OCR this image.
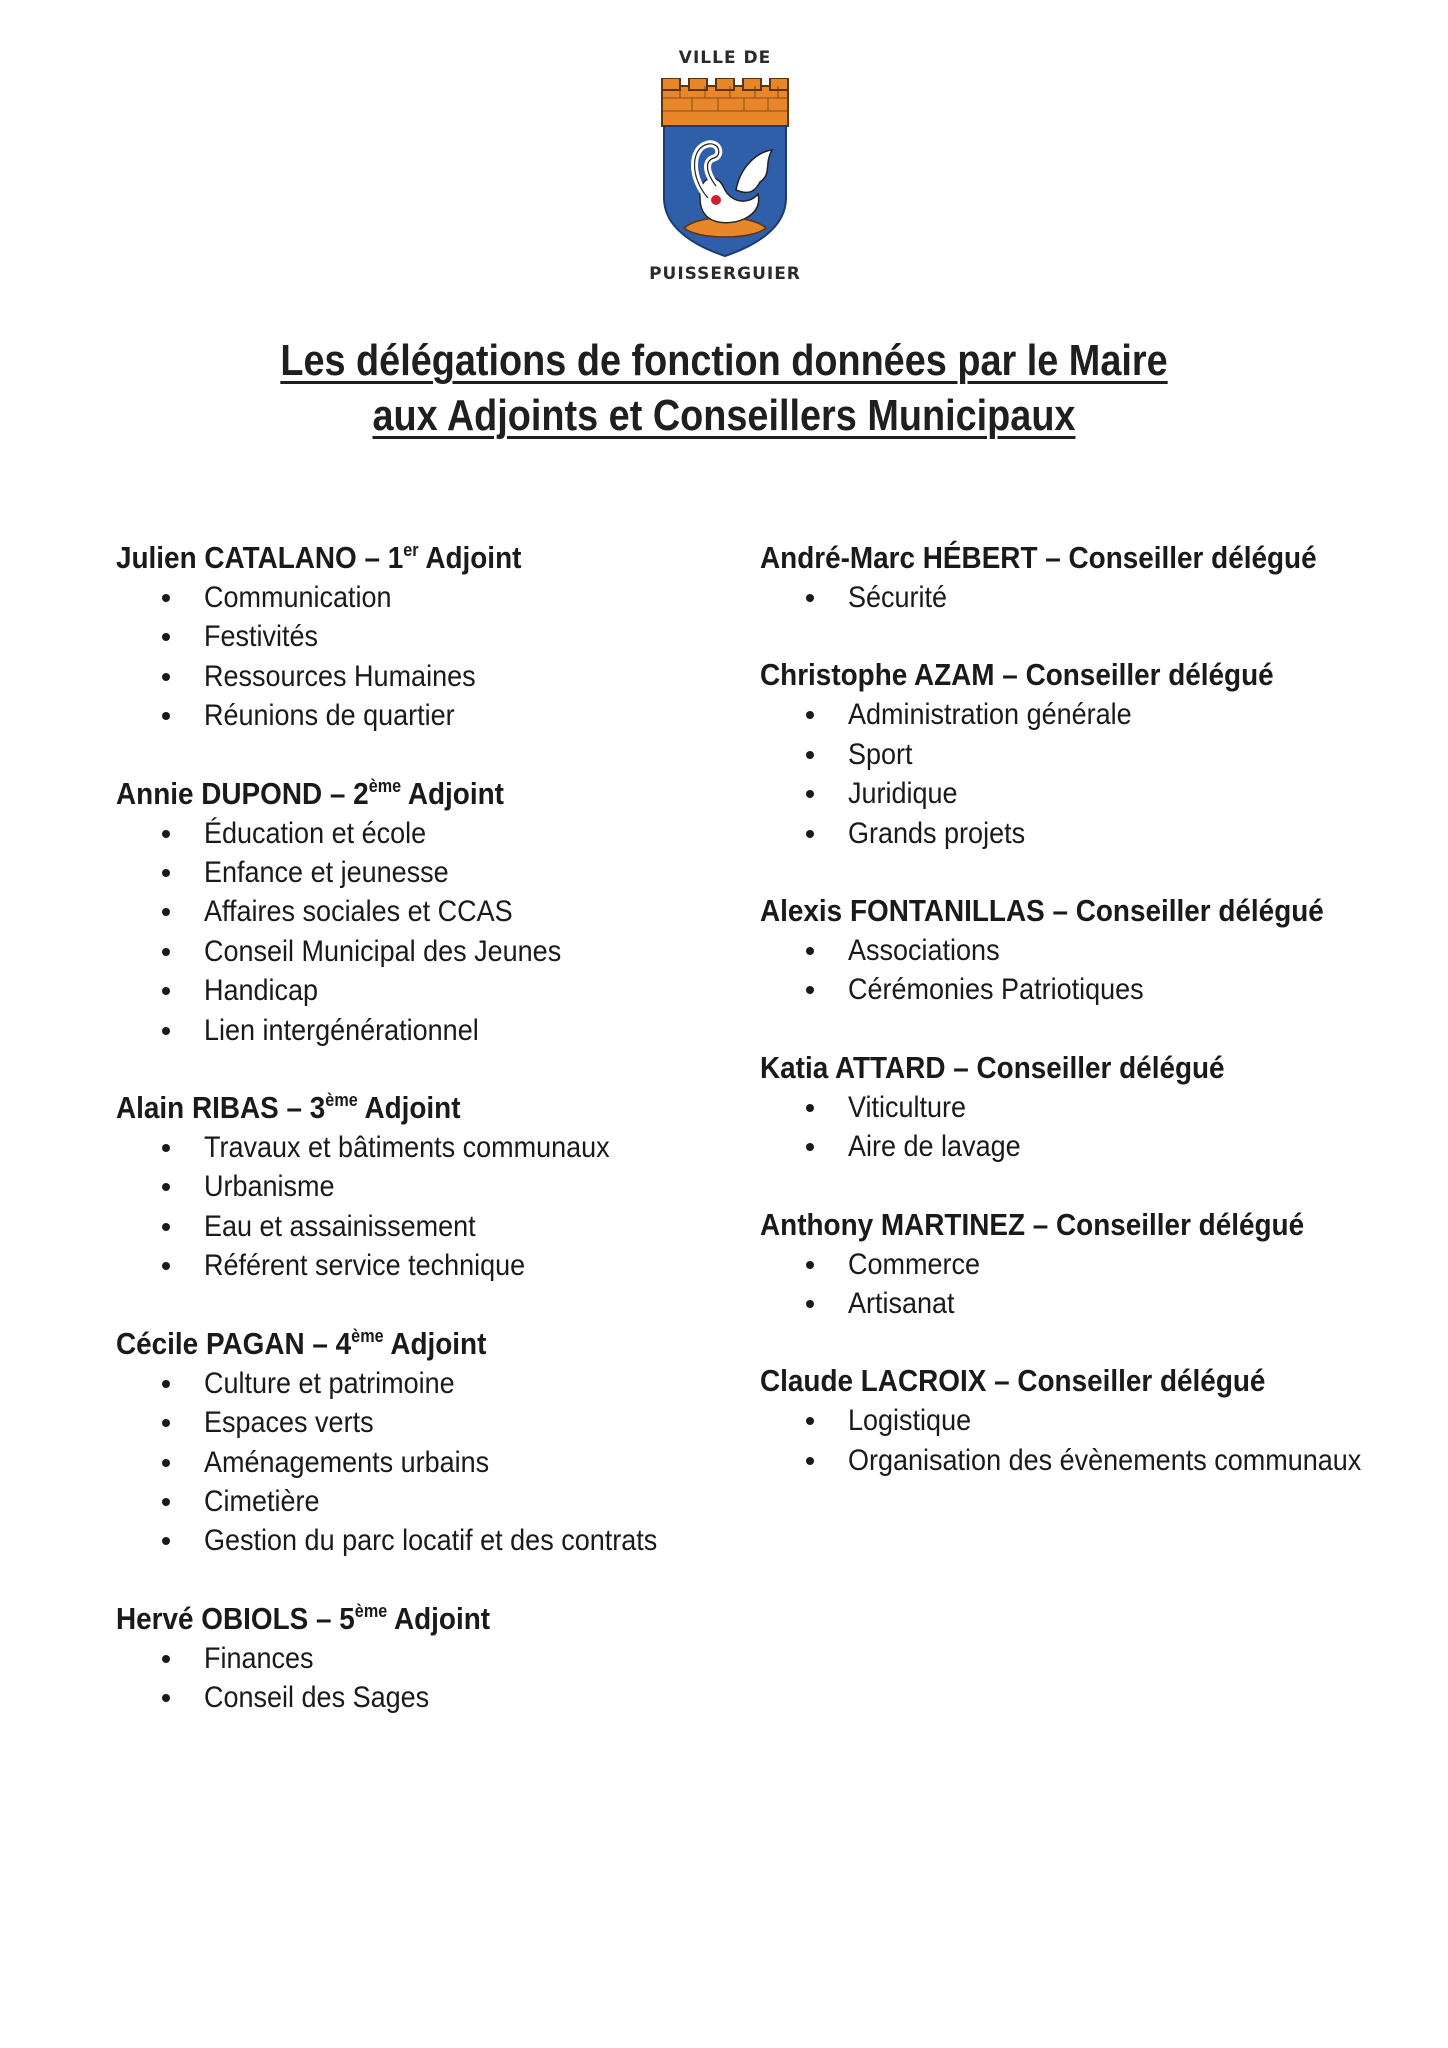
VILLE DE
PUISSERGUIER
Les délégations de fonction données par le Maire
aux Adjoints et Conseillers Municipaux
Julien CATALANO – 1er Adjoint
Communication
Festivités
Ressources Humaines
Réunions de quartier
Annie DUPOND – 2ème Adjoint
Éducation et école
Enfance et jeunesse
Affaires sociales et CCAS
Conseil Municipal des Jeunes
Handicap
Lien intergénérationnel
Alain RIBAS – 3ème Adjoint
Travaux et bâtiments communaux
Urbanisme
Eau et assainissement
Référent service technique
Cécile PAGAN – 4ème Adjoint
Culture et patrimoine
Espaces verts
Aménagements urbains
Cimetière
Gestion du parc locatif et des contrats
Hervé OBIOLS – 5ème Adjoint
Finances
Conseil des Sages
André-Marc HÉBERT – Conseiller délégué
Sécurité
Christophe AZAM – Conseiller délégué
Administration générale
Sport
Juridique
Grands projets
Alexis FONTANILLAS – Conseiller délégué
Associations
Cérémonies Patriotiques
Katia ATTARD – Conseiller délégué
Viticulture
Aire de lavage
Anthony MARTINEZ – Conseiller délégué
Commerce
Artisanat
Claude LACROIX – Conseiller délégué
Logistique
Organisation des évènements communaux
